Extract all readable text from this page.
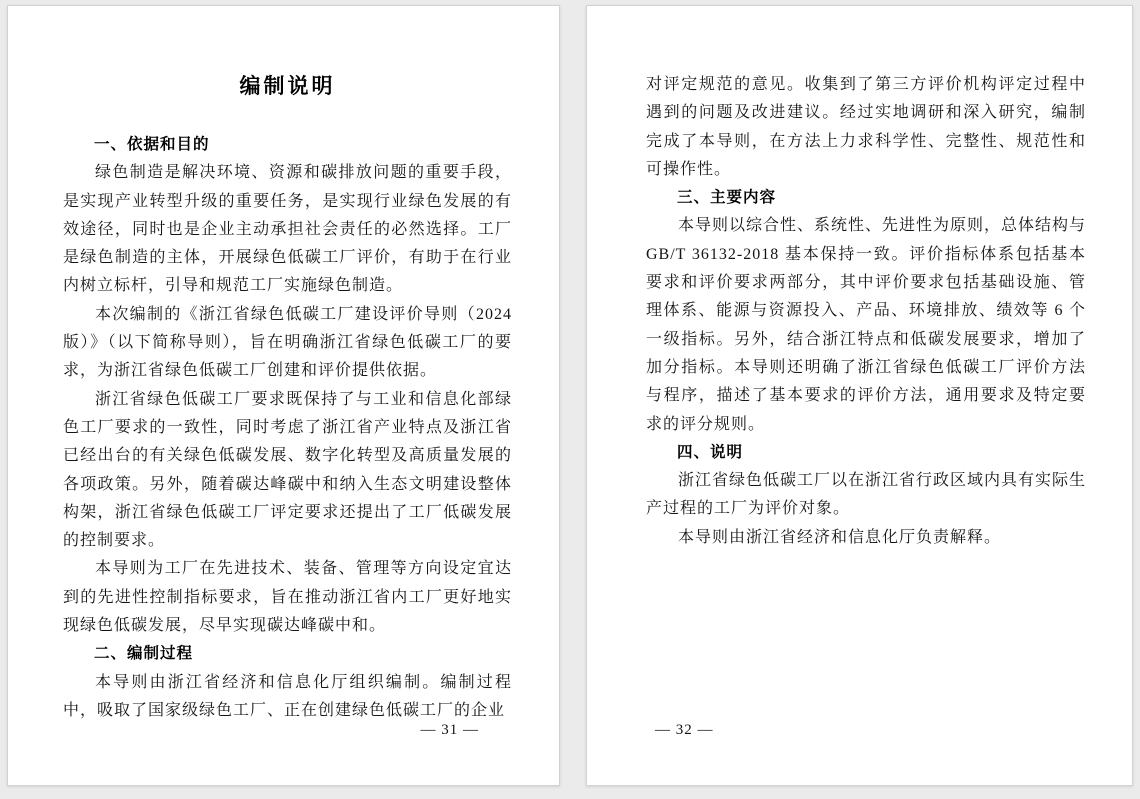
编制说明
一、依据和目的

绿色制造是解决环境、资源和碳排放问题的重要手段，是实现产业转型升级的重要任务，是实现行业绿色发展的有效途径，同时也是企业主动承担社会责任的必然选择。工厂是绿色制造的主体，开展绿色低碳工厂评价，有助于在行业内树立标杆，引导和规范工厂实施绿色制造。

本次编制的《浙江省绿色低碳工厂建设评价导则（2024版）》（以下简称导则），旨在明确浙江省绿色低碳工厂的要求，为浙江省绿色低碳工厂创建和评价提供依据。

浙江省绿色低碳工厂要求既保持了与工业和信息化部绿色工厂要求的一致性，同时考虑了浙江省产业特点及浙江省已经出台的有关绿色低碳发展、数字化转型及高质量发展的各项政策。另外，随着碳达峰碳中和纳入生态文明建设整体构架，浙江省绿色低碳工厂评定要求还提出了工厂低碳发展的控制要求。

本导则为工厂在先进技术、装备、管理等方向设定宜达到的先进性控制指标要求，旨在推动浙江省内工厂更好地实现绿色低碳发展，尽早实现碳达峰碳中和。

二、编制过程

本导则由浙江省经济和信息化厅组织编制。编制过程中，吸取了国家级绿色工厂、正在创建绿色低碳工厂的企业

— 31 —

对评定规范的意见。收集到了第三方评价机构评定过程中遇到的问题及改进建议。经过实地调研和深入研究，编制完成了本导则，在方法上力求科学性、完整性、规范性和可操作性。

三、主要内容

本导则以综合性、系统性、先进性为原则，总体结构与 GB/T 36132-2018 基本保持一致。评价指标体系包括基本要求和评价要求两部分，其中评价要求包括基础设施、管理体系、能源与资源投入、产品、环境排放、绩效等 6 个一级指标。另外，结合浙江特点和低碳发展要求，增加了加分指标。本导则还明确了浙江省绿色低碳工厂评价方法与程序，描述了基本要求的评价方法，通用要求及特定要求的评分规则。

四、说明

浙江省绿色低碳工厂以在浙江省行政区域内具有实际生产过程的工厂为评价对象。

本导则由浙江省经济和信息化厅负责解释。

— 32 —
